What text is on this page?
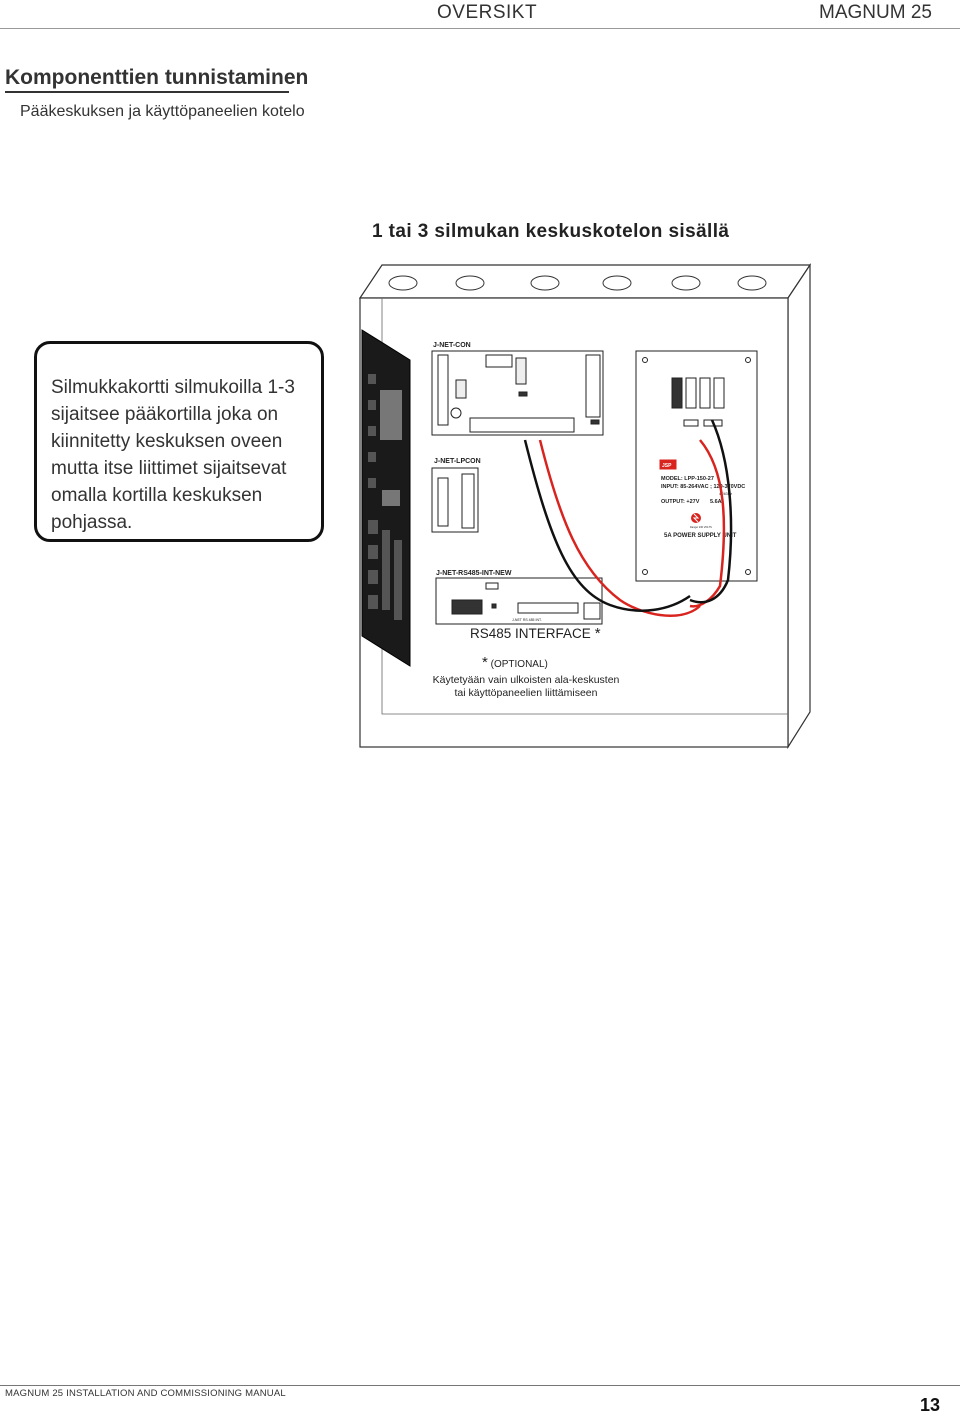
OVERSIKT	MAGNUM 25
Komponenttien tunnistaminen
Pääkeskuksen ja käyttöpaneelien kotelo
1 tai 3 silmukan keskuskotelon sisällä
J-NET-CON
J-NET-LPCON
J-NET-RS485-INT-NEW
J-NET RS 485 INT.
JSP
MODEL: LPP-150-27
INPUT: 85-264VAC ; 120-370VDC
47/63Hz
OUTPUT: +27V 5.6A
Danger 230 VOLTS
5A POWER SUPPLY UNIT

Silmukkakortti silmukoilla 1-3

sijaitsee pääkortilla joka on

kiinnitetty keskuksen oveen

mutta itse liittimet sijaitsevat

omalla kortilla keskuksen

pohjassa.

RS485 INTERFACE *
* (OPTIONAL)
Käytetyään vain ulkoisten ala-keskusten
tai käyttöpaneelien liittämiseen
MAGNUM 25 INSTALLATION AND COMMISSIONING MANUAL
13
